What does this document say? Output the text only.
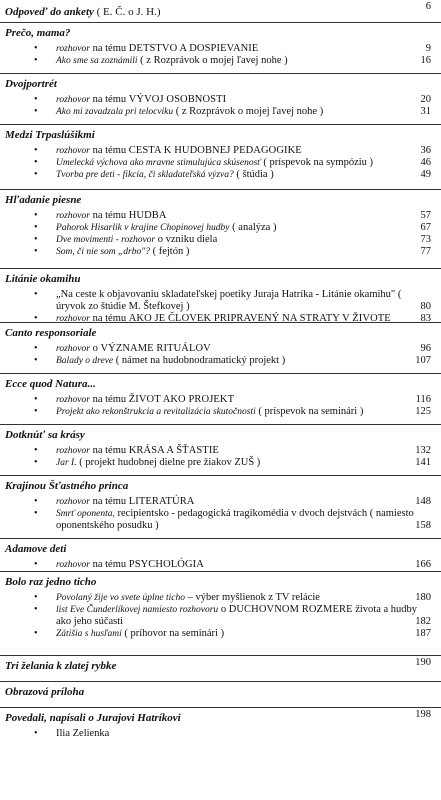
Odpoveď do ankety ( E. Č. o J. H.)	6
Prečo, mama?
• rozhovor na tému DETSTVO A DOSPIEVANIE	9
• Ako sme sa zoznámili ( z Rozprávok o mojej ľavej nohe )	16
Dvojportrét
• rozhovor na tému VÝVOJ OSOBNOSTI	20
• Ako mi zavadzala pri telocviku ( z Rozprávok o mojej ľavej nohe )	31
Medzi Trpaslúšikmi
• rozhovor na tému CESTA K HUDOBNEJ PEDAGOGIKE	36
• Umelecká výchova ako mravne stimulujúca skúsenosť ( príspevok na sympóziu )	46
• Tvorba pre deti - fikcia, či skladateľská výzva? ( štúdia )	49
Hľadanie piesne
• rozhovor na tému HUDBA	57
• Pahorok Hisarlik v krajine Chopinovej hudby ( analýza )	67
• Dve movimenti - rozhovor o vzniku diela	73
• Som, či nie som „drbo"? ( fejtón )	77
Litánie okamihu
• „Na ceste k objavovaniu skladateľskej poetiky Juraja Hatríka - Litánie okamihu" ( úryvok zo štúdie M. Štefkovej )	80
• rozhovor na tému AKO JE ČLOVEK PRIPRAVENÝ NA STRATY V ŽIVOTE	83
Canto responsoriale
• rozhovor o VÝZNAME RITUÁLOV	96
• Balady o dreve ( námet na hudobnodramatický projekt )	107
Ecce quod Natura...
• rozhovor na tému ŽIVOT AKO PROJEKT	116
• Projekt ako rekonštrukcia a revitalizácia skutočnosti ( príspevok na seminári )	125
Dotknúť sa krásy
• rozhovor na tému KRÁSA A ŠŤASTIE	132
• Jar I. ( projekt hudobnej dielne pre žiakov ZUŠ )	141
Krajinou Šťastného princa
• rozhovor na tému LITERATÚRA	148
• Smrť oponenta, recipientsko - pedagogická tragikomédia v dvoch dejstvách ( namiesto oponentského posudku )	158
Adamove deti
• rozhovor na tému PSYCHOLÓGIA	166
Bolo raz jedno ticho
• Povolaný žije vo svete úplne ticho – výber myšlienok z TV relácie	180
• list Eve Čunderlíkovej namiesto rozhovoru o DUCHOVNOM ROZMERE života a hudby ako jeho súčasti	182
• Zátišia s husľami ( príhovor na seminári )	187
Tri želania k zlatej rybke	190
Obrazová príloha
Povedali, napísali o Jurajovi Hatríkovi	198
• Ilia Zelienka
